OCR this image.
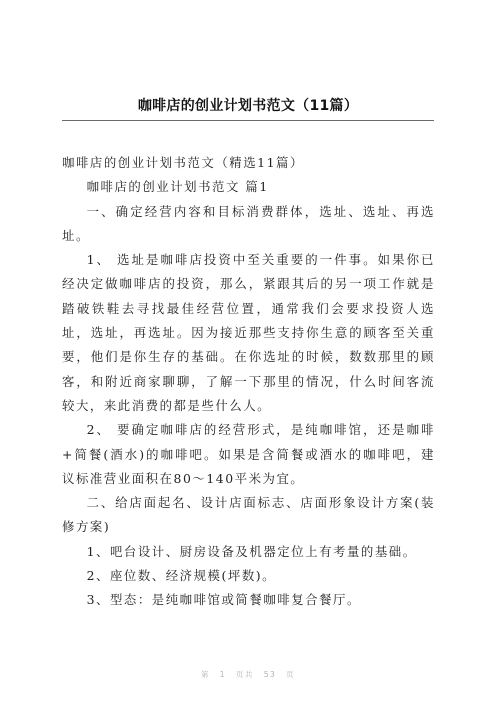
咖啡店的创业计划书范文（11篇）

咖啡店的创业计划书范文（精选11篇）

咖啡店的创业计划书范文 篇1

一、确定经营内容和目标消费群体，选址、选址、再选址。

1、 选址是咖啡店投资中至关重要的一件事。如果你已经决定做咖啡店的投资，那么，紧跟其后的另一项工作就是踏破铁鞋去寻找最佳经营位置，通常我们会要求投资人选址，选址，再选址。因为接近那些支持你生意的顾客至关重要，他们是你生存的基础。在你选址的时候，数数那里的顾客，和附近商家聊聊，了解一下那里的情况，什么时间客流较大，来此消费的都是些什么人。

2、 要确定咖啡店的经营形式，是纯咖啡馆，还是咖啡+简餐(酒水)的咖啡吧。如果是含简餐或酒水的咖啡吧，建议标准营业面积在80～140平米为宜。

二、给店面起名、设计店面标志、店面形象设计方案(装修方案)

1、吧台设计、厨房设备及机器定位上有考量的基础。

2、座位数、经济规模(坪数)。

3、型态：是纯咖啡馆或简餐咖啡复合餐厅。

第 1 页共 53 页
